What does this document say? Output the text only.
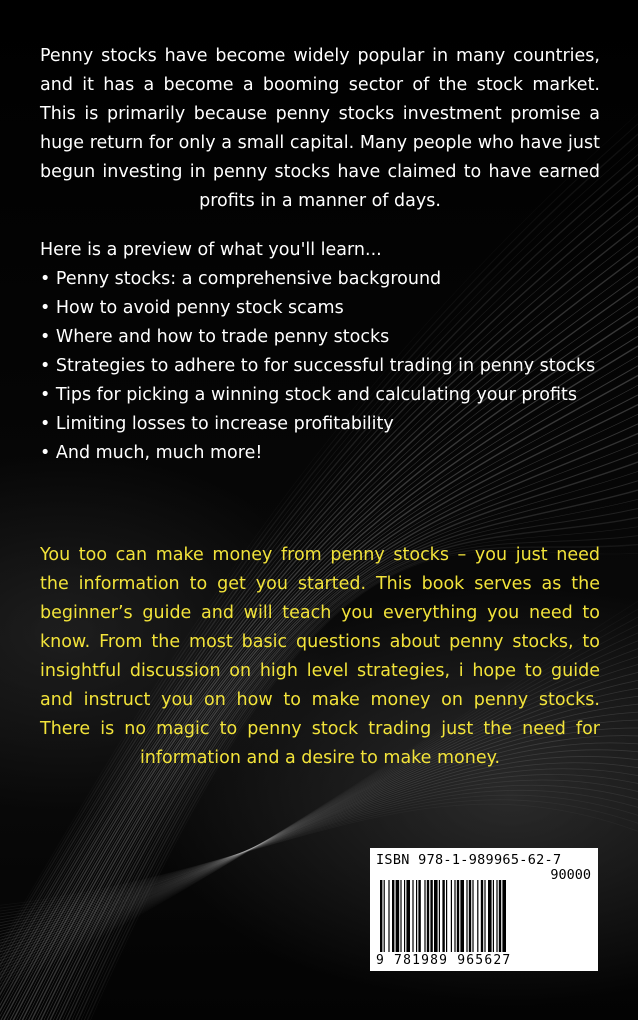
Penny stocks have become widely popular in many countries, and it has a become a booming sector of the stock market. This is primarily because penny stocks investment promise a huge return for only a small capital. Many people who have just begun investing in penny stocks have claimed to have earned profits in a manner of days.
Here is a preview of what you'll learn...
• Penny stocks: a comprehensive background
• How to avoid penny stock scams
• Where and how to trade penny stocks
• Strategies to adhere to for successful trading in penny stocks
• Tips for picking a winning stock and calculating your profits
• Limiting losses to increase profitability
• And much, much more!
You too can make money from penny stocks – you just need the information to get you started. This book serves as the beginner’s guide and will teach you everything you need to know. From the most basic questions about penny stocks, to insightful discussion on high level strategies, i hope to guide and instruct you on how to make money on penny stocks. There is no magic to penny stock trading just the need for information and a desire to make money.
ISBN 978-1-989965-62-7
90000
9 781989 965627
